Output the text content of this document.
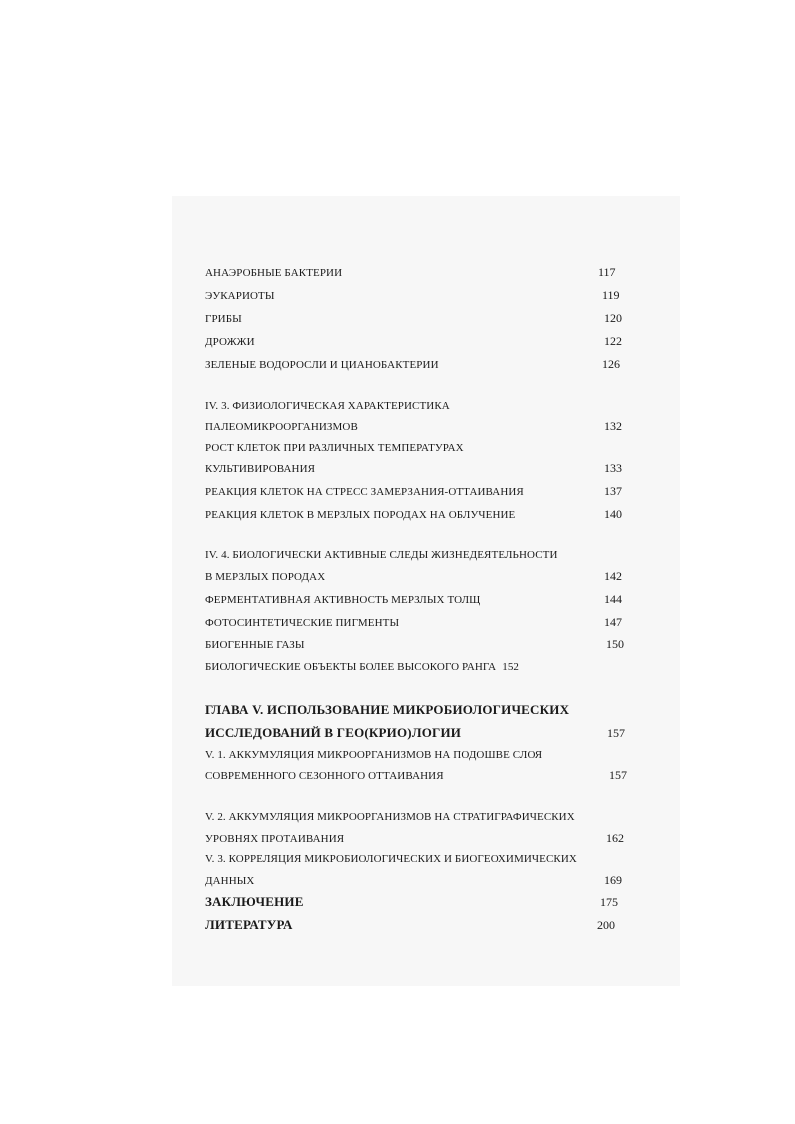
АНАЭРОБНЫЕ БАКТЕРИИ	117
ЭУКАРИОТЫ	119
ГРИБЫ	120
ДРОЖЖИ	122
ЗЕЛЕНЫЕ ВОДОРОСЛИ И ЦИАНОБАКТЕРИИ	126
IV. 3. ФИЗИОЛОГИЧЕСКАЯ ХАРАКТЕРИСТИКА
ПАЛЕОМИКРООРГАНИЗМОВ	132
РОСТ КЛЕТОК ПРИ РАЗЛИЧНЫХ ТЕМПЕРАТУРАХ
КУЛЬТИВИРОВАНИЯ	133
РЕАКЦИЯ КЛЕТОК НА СТРЕСС ЗАМЕРЗАНИЯ-ОТТАИВАНИЯ	137
РЕАКЦИЯ КЛЕТОК В МЕРЗЛЫХ ПОРОДАХ НА ОБЛУЧЕНИЕ	140
IV. 4. БИОЛОГИЧЕСКИ АКТИВНЫЕ СЛЕДЫ ЖИЗНЕДЕЯТЕЛЬНОСТИ
В МЕРЗЛЫХ ПОРОДАХ	142
ФЕРМЕНТАТИВНАЯ АКТИВНОСТЬ МЕРЗЛЫХ ТОЛЩ	144
ФОТОСИНТЕТИЧЕСКИЕ ПИГМЕНТЫ	147
БИОГЕННЫЕ ГАЗЫ	150
БИОЛОГИЧЕСКИЕ ОБЪЕКТЫ БОЛЕЕ ВЫСОКОГО РАНГА 152
ГЛАВА V. ИСПОЛЬЗОВАНИЕ МИКРОБИОЛОГИЧЕСКИХ
ИССЛЕДОВАНИЙ В ГЕО(КРИО)ЛОГИИ	157
V. 1. АККУМУЛЯЦИЯ МИКРООРГАНИЗМОВ НА ПОДОШВЕ СЛОЯ
СОВРЕМЕННОГО СЕЗОННОГО ОТТАИВАНИЯ	157
V. 2. АККУМУЛЯЦИЯ МИКРООРГАНИЗМОВ НА СТРАТИГРАФИЧЕСКИХ
УРОВНЯХ ПРОТАИВАНИЯ	162
V. 3. КОРРЕЛЯЦИЯ МИКРОБИОЛОГИЧЕСКИХ И БИОГЕОХИМИЧЕСКИХ
ДАННЫХ	169
ЗАКЛЮЧЕНИЕ	175
ЛИТЕРАТУРА	200
